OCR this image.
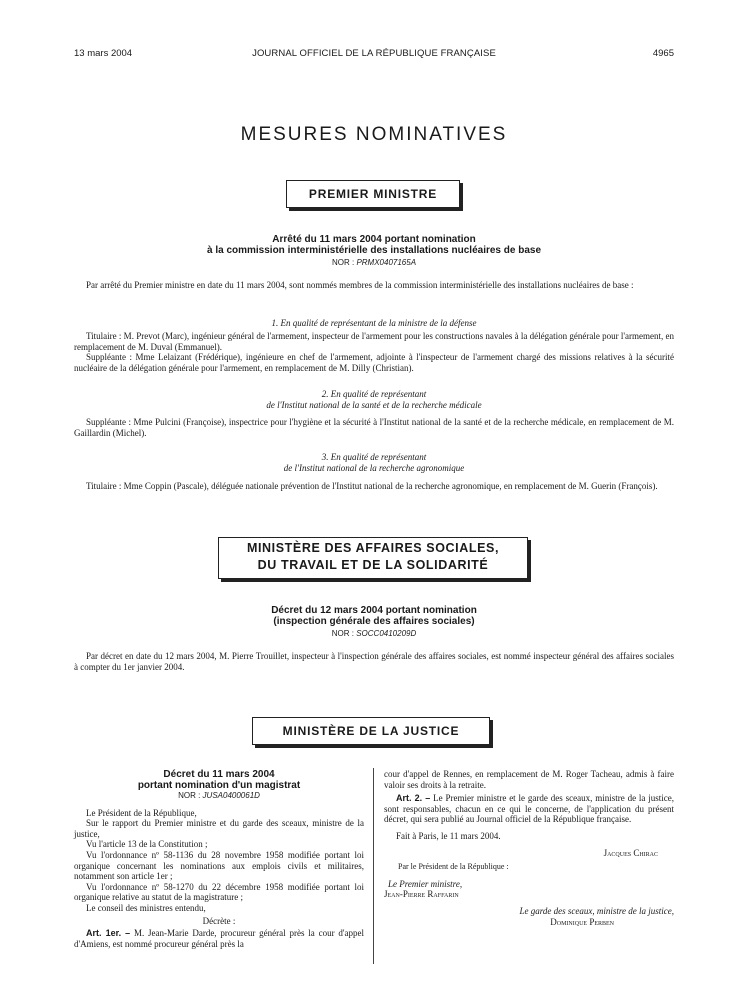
13 mars 2004	JOURNAL OFFICIEL DE LA RÉPUBLIQUE FRANÇAISE	4965
MESURES NOMINATIVES
PREMIER MINISTRE
Arrêté du 11 mars 2004 portant nomination
à la commission interministérielle des installations nucléaires de base
NOR : PRMX0407165A

Par arrêté du Premier ministre en date du 11 mars 2004, sont nommés membres de la commission interministérielle des installations nucléaires de base :

1. En qualité de représentant de la ministre de la défense

Titulaire : M. Prevot (Marc), ingénieur général de l'armement, inspecteur de l'armement pour les constructions navales à la délégation générale pour l'armement, en remplacement de M. Duval (Emmanuel).

Suppléante : Mme Lelaizant (Frédérique), ingénieure en chef de l'armement, adjointe à l'inspecteur de l'armement chargé des missions relatives à la sécurité nucléaire de la délégation générale pour l'armement, en remplacement de M. Dilly (Christian).

2. En qualité de représentant
de l'Institut national de la santé et de la recherche médicale

Suppléante : Mme Pulcini (Françoise), inspectrice pour l'hygiène et la sécurité à l'Institut national de la santé et de la recherche médicale, en remplacement de M. Gaillardin (Michel).

3. En qualité de représentant
de l'Institut national de la recherche agronomique

Titulaire : Mme Coppin (Pascale), déléguée nationale prévention de l'Institut national de la recherche agronomique, en remplacement de M. Guerin (François).

MINISTÈRE DES AFFAIRES SOCIALES,
DU TRAVAIL ET DE LA SOLIDARITÉ
Décret du 12 mars 2004 portant nomination
(inspection générale des affaires sociales)
NOR : SOCC0410209D

Par décret en date du 12 mars 2004, M. Pierre Trouillet, inspecteur à l'inspection générale des affaires sociales, est nommé inspecteur général des affaires sociales à compter du 1er janvier 2004.

MINISTÈRE DE LA JUSTICE
Décret du 11 mars 2004
portant nomination d'un magistrat
NOR : JUSA0400061D

Le Président de la République,

Sur le rapport du Premier ministre et du garde des sceaux, ministre de la justice,

Vu l'article 13 de la Constitution ;

Vu l'ordonnance nº 58-1136 du 28 novembre 1958 modifiée portant loi organique concernant les nominations aux emplois civils et militaires, notamment son article 1er ;

Vu l'ordonnance nº 58-1270 du 22 décembre 1958 modifiée portant loi organique relative au statut de la magistrature ;

Le conseil des ministres entendu,

Décrète :

Art. 1er. – M. Jean-Marie Darde, procureur général près la cour d'appel d'Amiens, est nommé procureur général près la

cour d'appel de Rennes, en remplacement de M. Roger Tacheau, admis à faire valoir ses droits à la retraite.

Art. 2. – Le Premier ministre et le garde des sceaux, ministre de la justice, sont responsables, chacun en ce qui le concerne, de l'application du présent décret, qui sera publié au Journal officiel de la République française.

Fait à Paris, le 11 mars 2004.

Jacques Chirac

Par le Président de la République :

Le Premier ministre,

Jean-Pierre Raffarin

Le garde des sceaux, ministre de la justice,

Dominique Perben
